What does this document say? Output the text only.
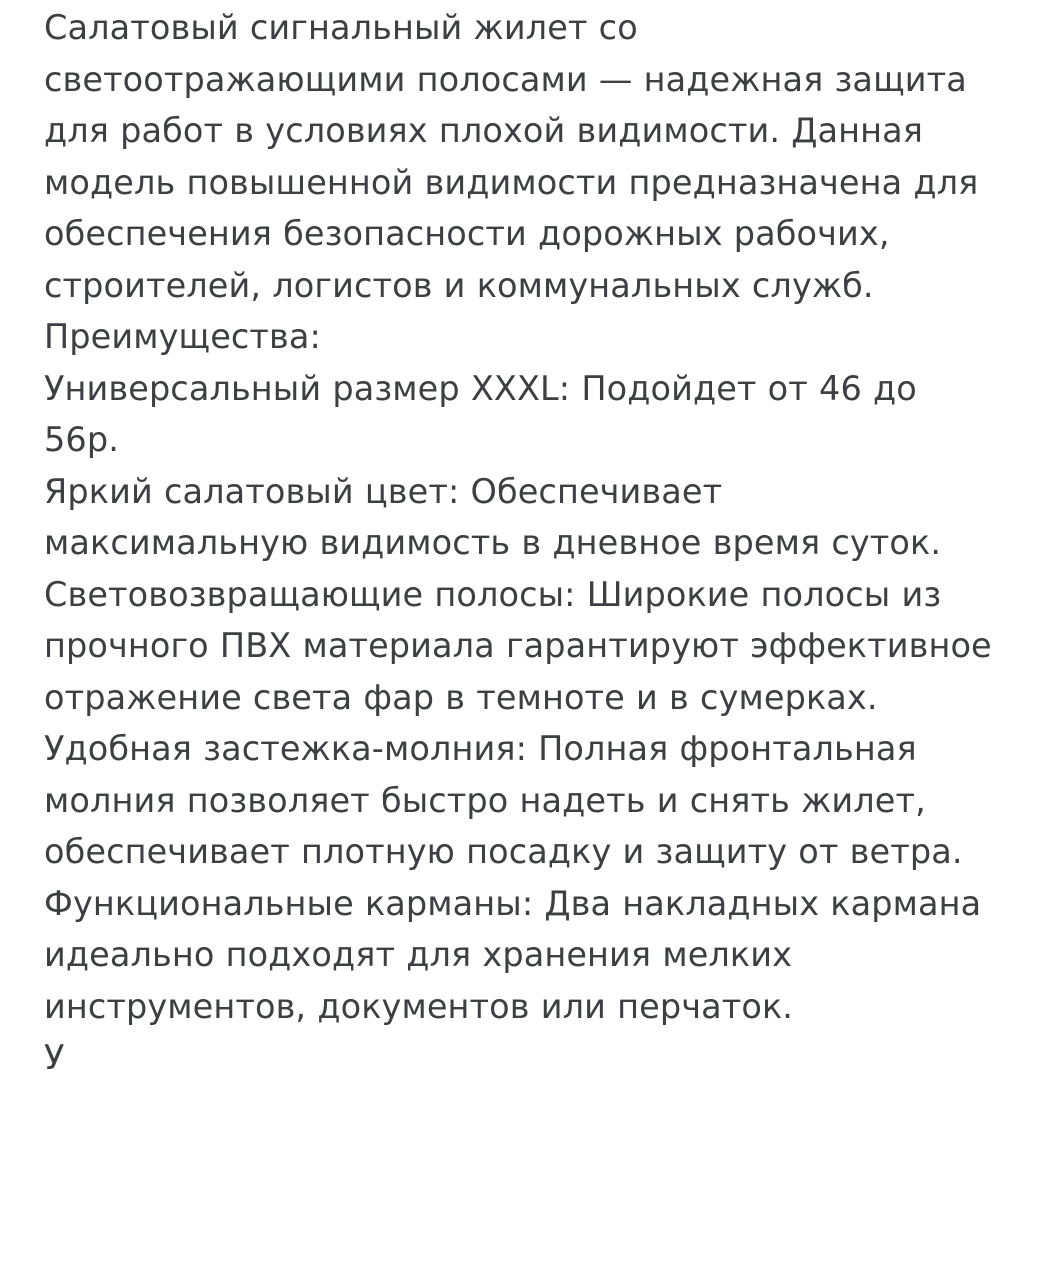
Салатовый сигнальный жилет со светоотражающими полосами — надежная защита для работ в условиях плохой видимости. Данная модель повышенной видимости предназначена для обеспечения безопасности дорожных рабочих, строителей, логистов и коммунальных служб.
Преимущества:
Универсальный размер XXXL: Подойдет от 46 до 56р.
Яркий салатовый цвет: Обеспечивает максимальную видимость в дневное время суток.
Световозвращающие полосы: Широкие полосы из прочного ПВХ материала гарантируют эффективное отражение света фар в темноте и в сумерках.
Удобная застежка-молния: Полная фронтальная молния позволяет быстро надеть и снять жилет, обеспечивает плотную посадку и защиту от ветра.
Функциональные карманы: Два накладных кармана идеально подходят для хранения мелких инструментов, документов или перчаток.
У
